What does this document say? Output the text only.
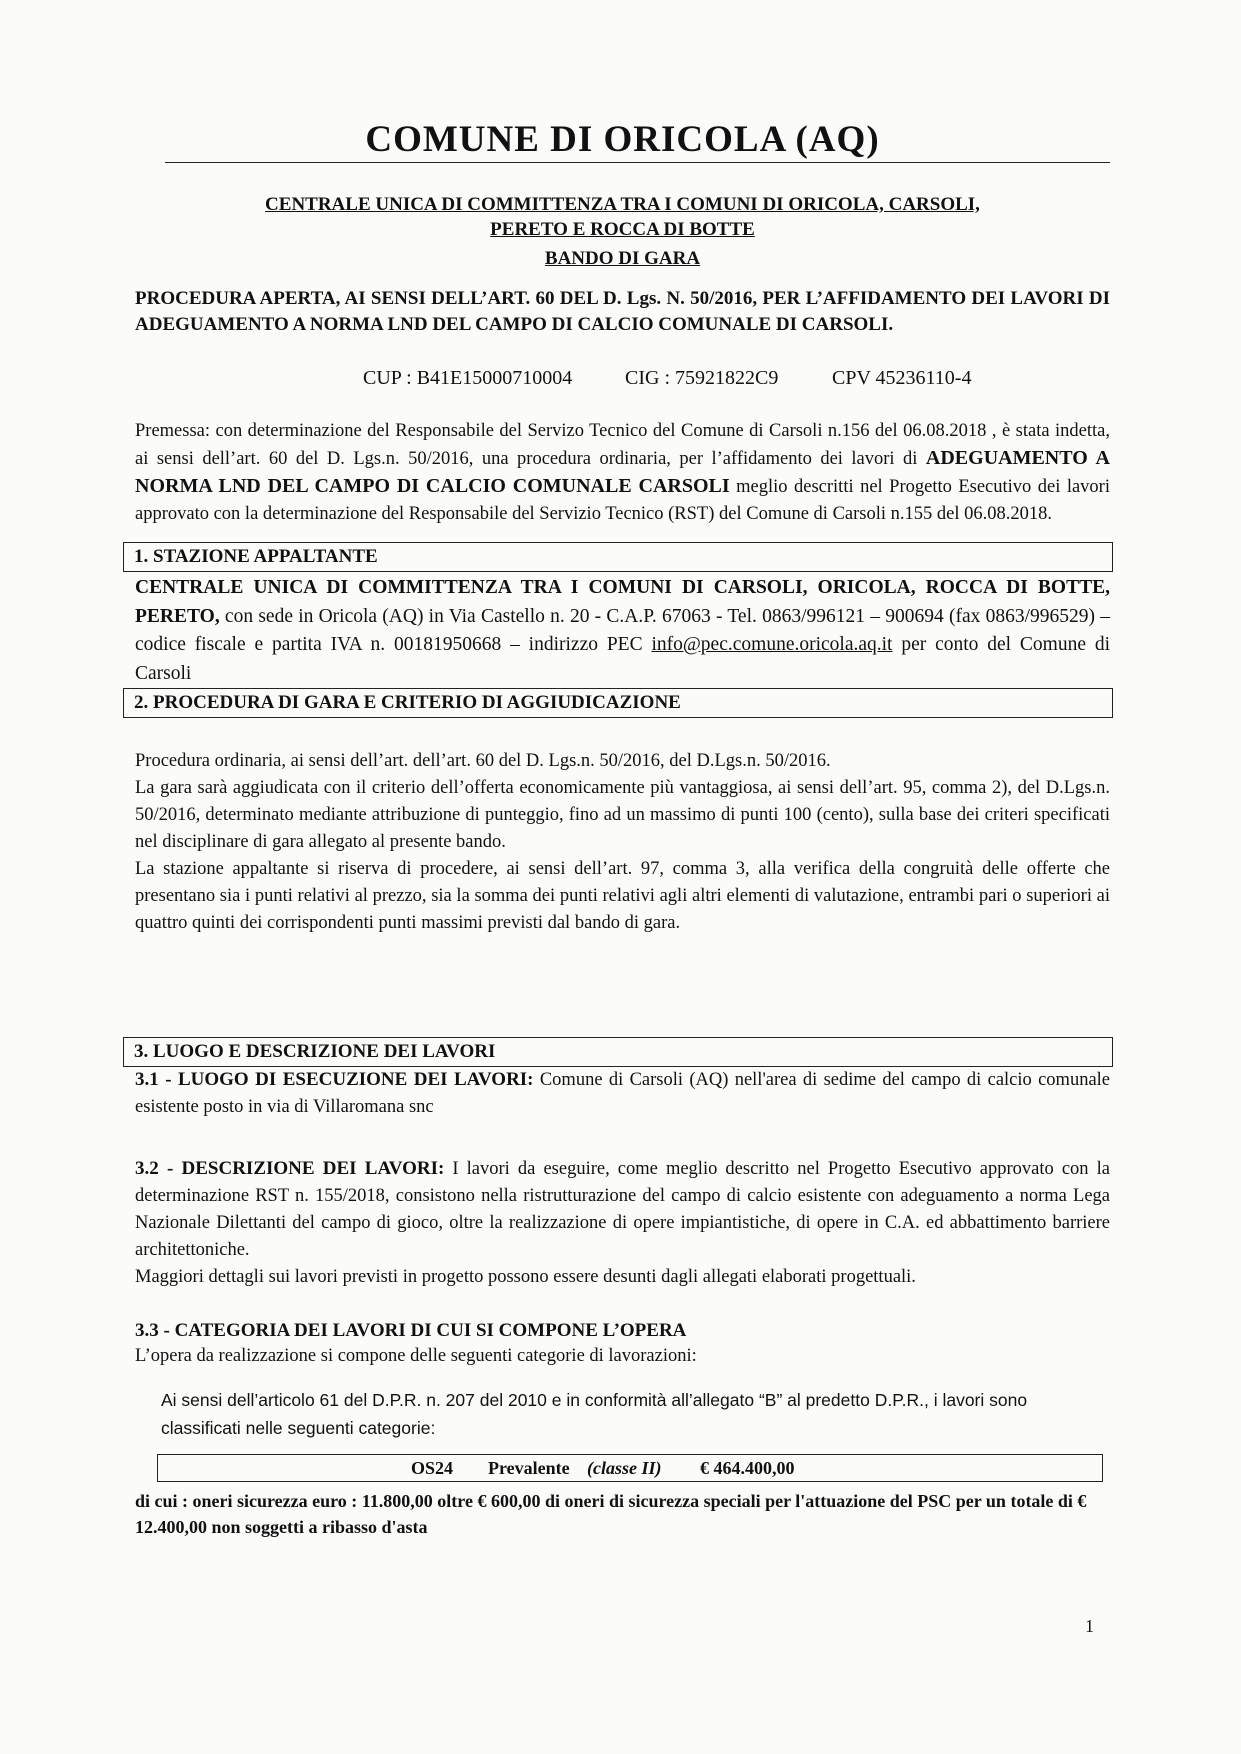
COMUNE DI ORICOLA (AQ)
CENTRALE UNICA DI COMMITTENZA TRA I COMUNI DI ORICOLA, CARSOLI,
PERETO E ROCCA DI BOTTE
BANDO DI GARA
PROCEDURA APERTA, AI SENSI DELL’ART. 60 DEL D. Lgs. N. 50/2016, PER L’AFFIDAMENTO DEI LAVORI DI ADEGUAMENTO A NORMA LND DEL CAMPO DI CALCIO COMUNALE DI CARSOLI.
CUP : B41E15000710004	CIG : 75921822C9	CPV 45236110-4

Premessa: con determinazione del Responsabile del Servizo Tecnico del Comune di Carsoli n.156 del 06.08.2018 , è stata indetta, ai sensi dell’art. 60 del D. Lgs.n. 50/2016, una procedura ordinaria, per l’affidamento dei lavori di ADEGUAMENTO A NORMA LND DEL CAMPO DI CALCIO COMUNALE CARSOLI meglio descritti nel Progetto Esecutivo dei lavori approvato con la determinazione del Responsabile del Servizio Tecnico (RST) del Comune di Carsoli n.155 del 06.08.2018.

1. STAZIONE APPALTANTE

CENTRALE UNICA DI COMMITTENZA TRA I COMUNI DI CARSOLI, ORICOLA, ROCCA DI BOTTE, PERETO, con sede in Oricola (AQ) in Via Castello n. 20 - C.A.P. 67063 - Tel. 0863/996121 – 900694 (fax 0863/996529) – codice fiscale e partita IVA n. 00181950668 – indirizzo PEC info@pec.comune.oricola.aq.it per conto del Comune di Carsoli

2. PROCEDURA DI GARA E CRITERIO DI AGGIUDICAZIONE

Procedura ordinaria, ai sensi dell’art. dell’art. 60 del D. Lgs.n. 50/2016, del D.Lgs.n. 50/2016.

La gara sarà aggiudicata con il criterio dell’offerta economicamente più vantaggiosa, ai sensi dell’art. 95, comma 2), del D.Lgs.n. 50/2016, determinato mediante attribuzione di punteggio, fino ad un massimo di punti 100 (cento), sulla base dei criteri specificati nel disciplinare di gara allegato al presente bando.

La stazione appaltante si riserva di procedere, ai sensi dell’art. 97, comma 3, alla verifica della congruità delle offerte che presentano sia i punti relativi al prezzo, sia la somma dei punti relativi agli altri elementi di valutazione, entrambi pari o superiori ai quattro quinti dei corrispondenti punti massimi previsti dal bando di gara.

3. LUOGO E DESCRIZIONE DEI LAVORI

3.1 - LUOGO DI ESECUZIONE DEI LAVORI: Comune di Carsoli (AQ) nell'area di sedime del campo di calcio comunale esistente posto in via di Villaromana snc

3.2 - DESCRIZIONE DEI LAVORI: I lavori da eseguire, come meglio descritto nel Progetto Esecutivo approvato con la determinazione RST n. 155/2018, consistono nella ristrutturazione del campo di calcio esistente con adeguamento a norma Lega Nazionale Dilettanti del campo di gioco, oltre la realizzazione di opere impiantistiche, di opere in C.A. ed abbattimento barriere architettoniche.

Maggiori dettagli sui lavori previsti in progetto possono essere desunti dagli allegati elaborati progettuali.

3.3 - CATEGORIA DEI LAVORI DI CUI SI COMPONE L’OPERA
L’opera da realizzazione si compone delle seguenti categorie di lavorazioni:

Ai sensi dell’articolo 61 del D.P.R. n. 207 del 2010 e in conformità all’allegato “B” al predetto D.P.R., i lavori sono classificati nelle seguenti categorie:

OS24 Prevalente (classe II) € 464.400,00

di cui : oneri sicurezza euro : 11.800,00 oltre € 600,00 di oneri di sicurezza speciali per l'attuazione del PSC per un totale di € 12.400,00 non soggetti a ribasso d'asta

1
